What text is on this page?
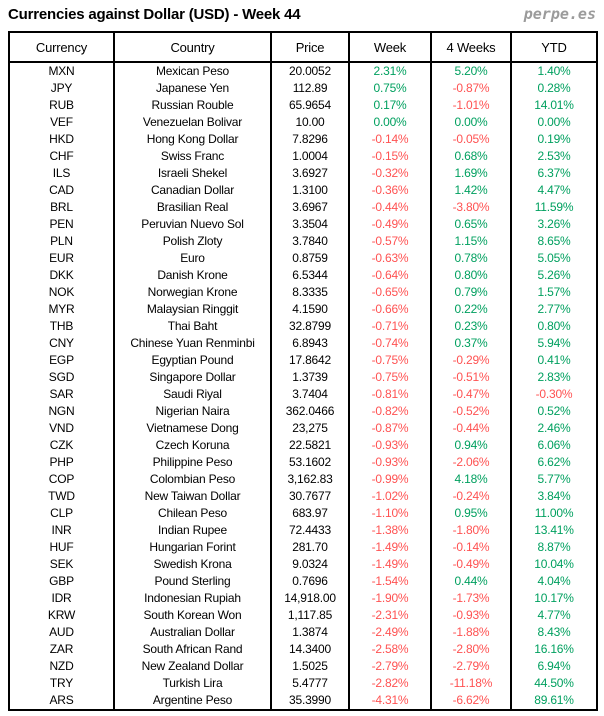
Currencies against Dollar (USD) - Week 44	perpe.es
Currency	Country	Price	Week	4 Weeks	YTD
MXN	Mexican Peso	20.0052	2.31%	5.20%	1.40%
JPY	Japanese Yen	112.89	0.75%	-0.87%	0.28%
RUB	Russian Rouble	65.9654	0.17%	-1.01%	14.01%
VEF	Venezuelan Bolivar	10.00	0.00%	0.00%	0.00%
HKD	Hong Kong Dollar	7.8296	-0.14%	-0.05%	0.19%
CHF	Swiss Franc	1.0004	-0.15%	0.68%	2.53%
ILS	Israeli Shekel	3.6927	-0.32%	1.69%	6.37%
CAD	Canadian Dollar	1.3100	-0.36%	1.42%	4.47%
BRL	Brasilian Real	3.6967	-0.44%	-3.80%	11.59%
PEN	Peruvian Nuevo Sol	3.3504	-0.49%	0.65%	3.26%
PLN	Polish Zloty	3.7840	-0.57%	1.15%	8.65%
EUR	Euro	0.8759	-0.63%	0.78%	5.05%
DKK	Danish Krone	6.5344	-0.64%	0.80%	5.26%
NOK	Norwegian Krone	8.3335	-0.65%	0.79%	1.57%
MYR	Malaysian Ringgit	4.1590	-0.66%	0.22%	2.77%
THB	Thai Baht	32.8799	-0.71%	0.23%	0.80%
CNY	Chinese Yuan Renminbi	6.8943	-0.74%	0.37%	5.94%
EGP	Egyptian Pound	17.8642	-0.75%	-0.29%	0.41%
SGD	Singapore Dollar	1.3739	-0.75%	-0.51%	2.83%
SAR	Saudi Riyal	3.7404	-0.81%	-0.47%	-0.30%
NGN	Nigerian Naira	362.0466	-0.82%	-0.52%	0.52%
VND	Vietnamese Dong	23,275	-0.87%	-0.44%	2.46%
CZK	Czech Koruna	22.5821	-0.93%	0.94%	6.06%
PHP	Philippine Peso	53.1602	-0.93%	-2.06%	6.62%
COP	Colombian Peso	3,162.83	-0.99%	4.18%	5.77%
TWD	New Taiwan Dollar	30.7677	-1.02%	-0.24%	3.84%
CLP	Chilean Peso	683.97	-1.10%	0.95%	11.00%
INR	Indian Rupee	72.4433	-1.38%	-1.80%	13.41%
HUF	Hungarian Forint	281.70	-1.49%	-0.14%	8.87%
SEK	Swedish Krona	9.0324	-1.49%	-0.49%	10.04%
GBP	Pound Sterling	0.7696	-1.54%	0.44%	4.04%
IDR	Indonesian Rupiah	14,918.00	-1.90%	-1.73%	10.17%
KRW	South Korean Won	1,117.85	-2.31%	-0.93%	4.77%
AUD	Australian Dollar	1.3874	-2.49%	-1.88%	8.43%
ZAR	South African Rand	14.3400	-2.58%	-2.80%	16.16%
NZD	New Zealand Dollar	1.5025	-2.79%	-2.79%	6.94%
TRY	Turkish Lira	5.4777	-2.82%	-11.18%	44.50%
ARS	Argentine Peso	35.3990	-4.31%	-6.62%	89.61%
